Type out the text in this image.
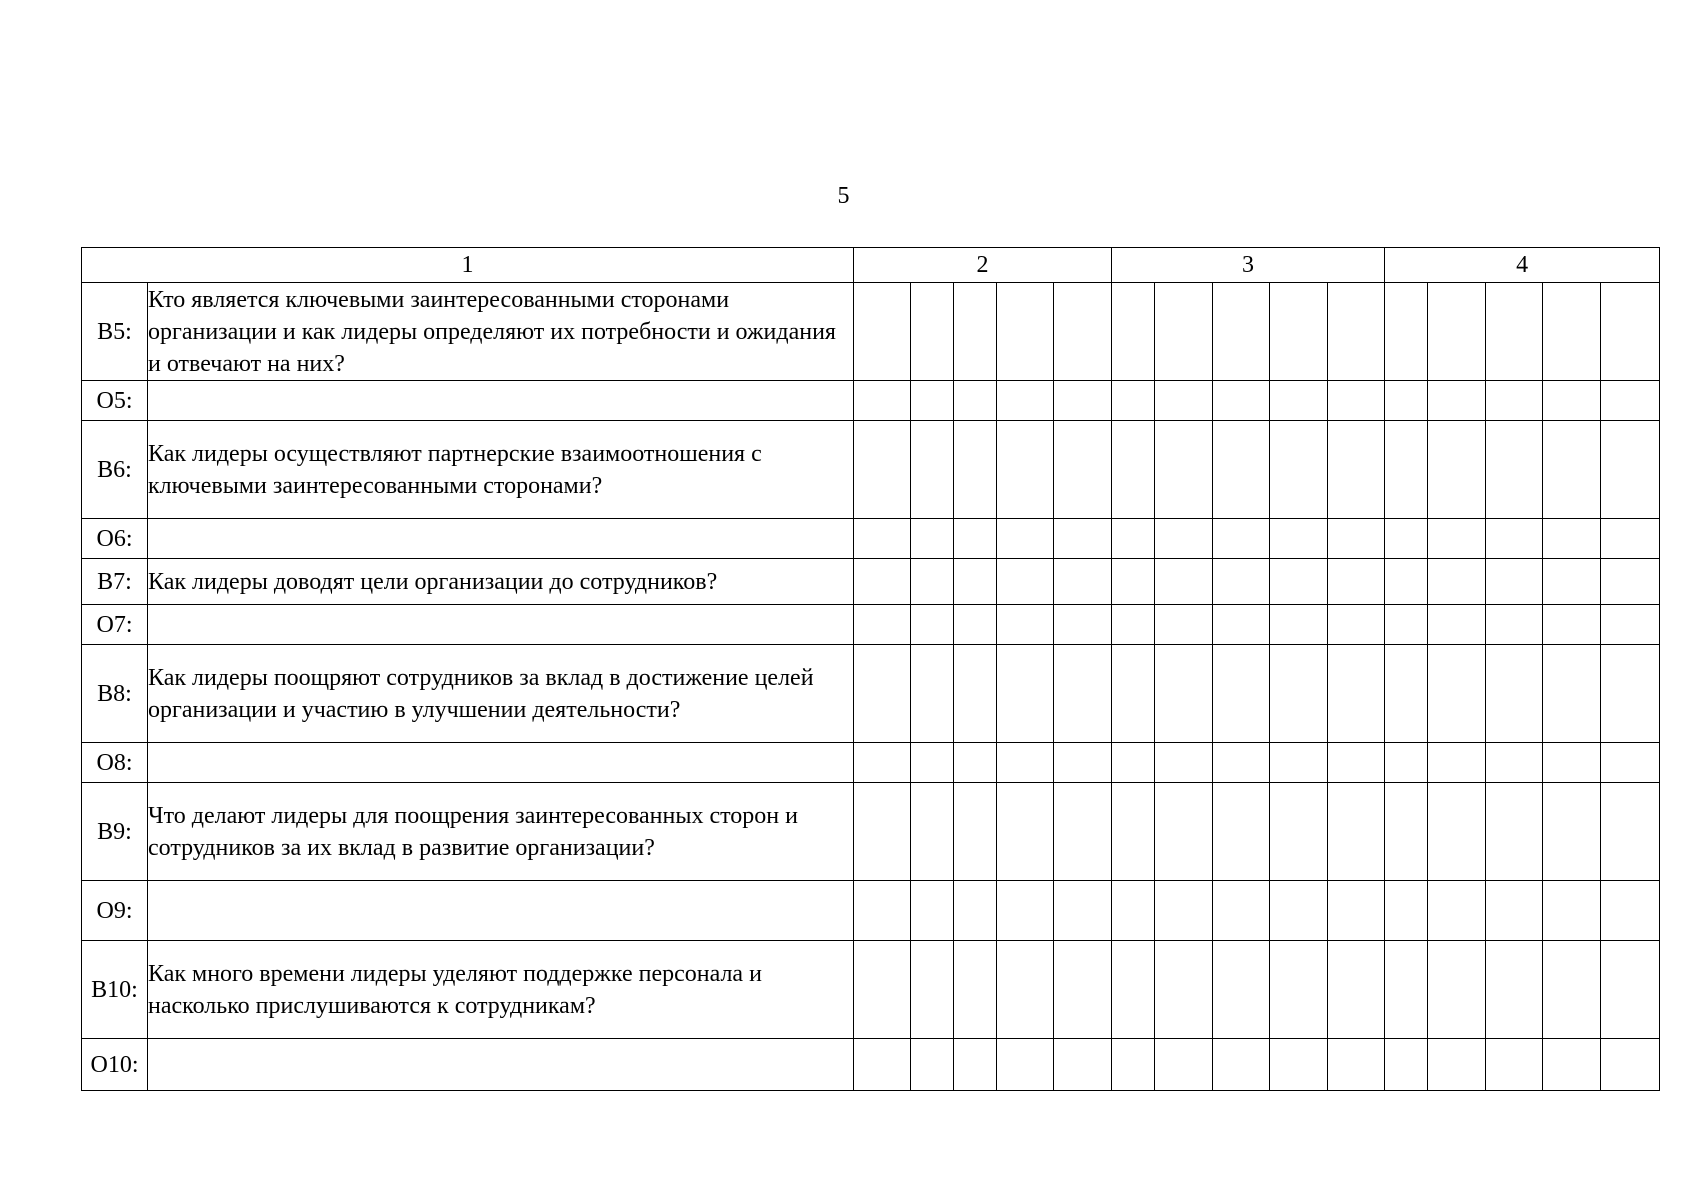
5
1		2					3					4				
В5:	Кто является ключевыми заинтересованными сторонами организации и как лидеры определяют их потребности и ожидания и отвечают на них?															
О5:																
В6:	Как лидеры осуществляют партнерские взаимоотношения с ключевыми заинтересованными сторонами?															
О6:																
В7:	Как лидеры доводят цели организации до сотрудников?															
О7:																
В8:	Как лидеры поощряют сотрудников за вклад в достижение целей организации и участию в улучшении деятельности?															
О8:																
В9:	Что делают лидеры для поощрения заинтересованных сторон и сотрудников за их вклад в развитие организации?															
О9:																
В10:	Как много времени лидеры уделяют поддержке персонала и насколько прислушиваются к сотрудникам?															
О10:																
